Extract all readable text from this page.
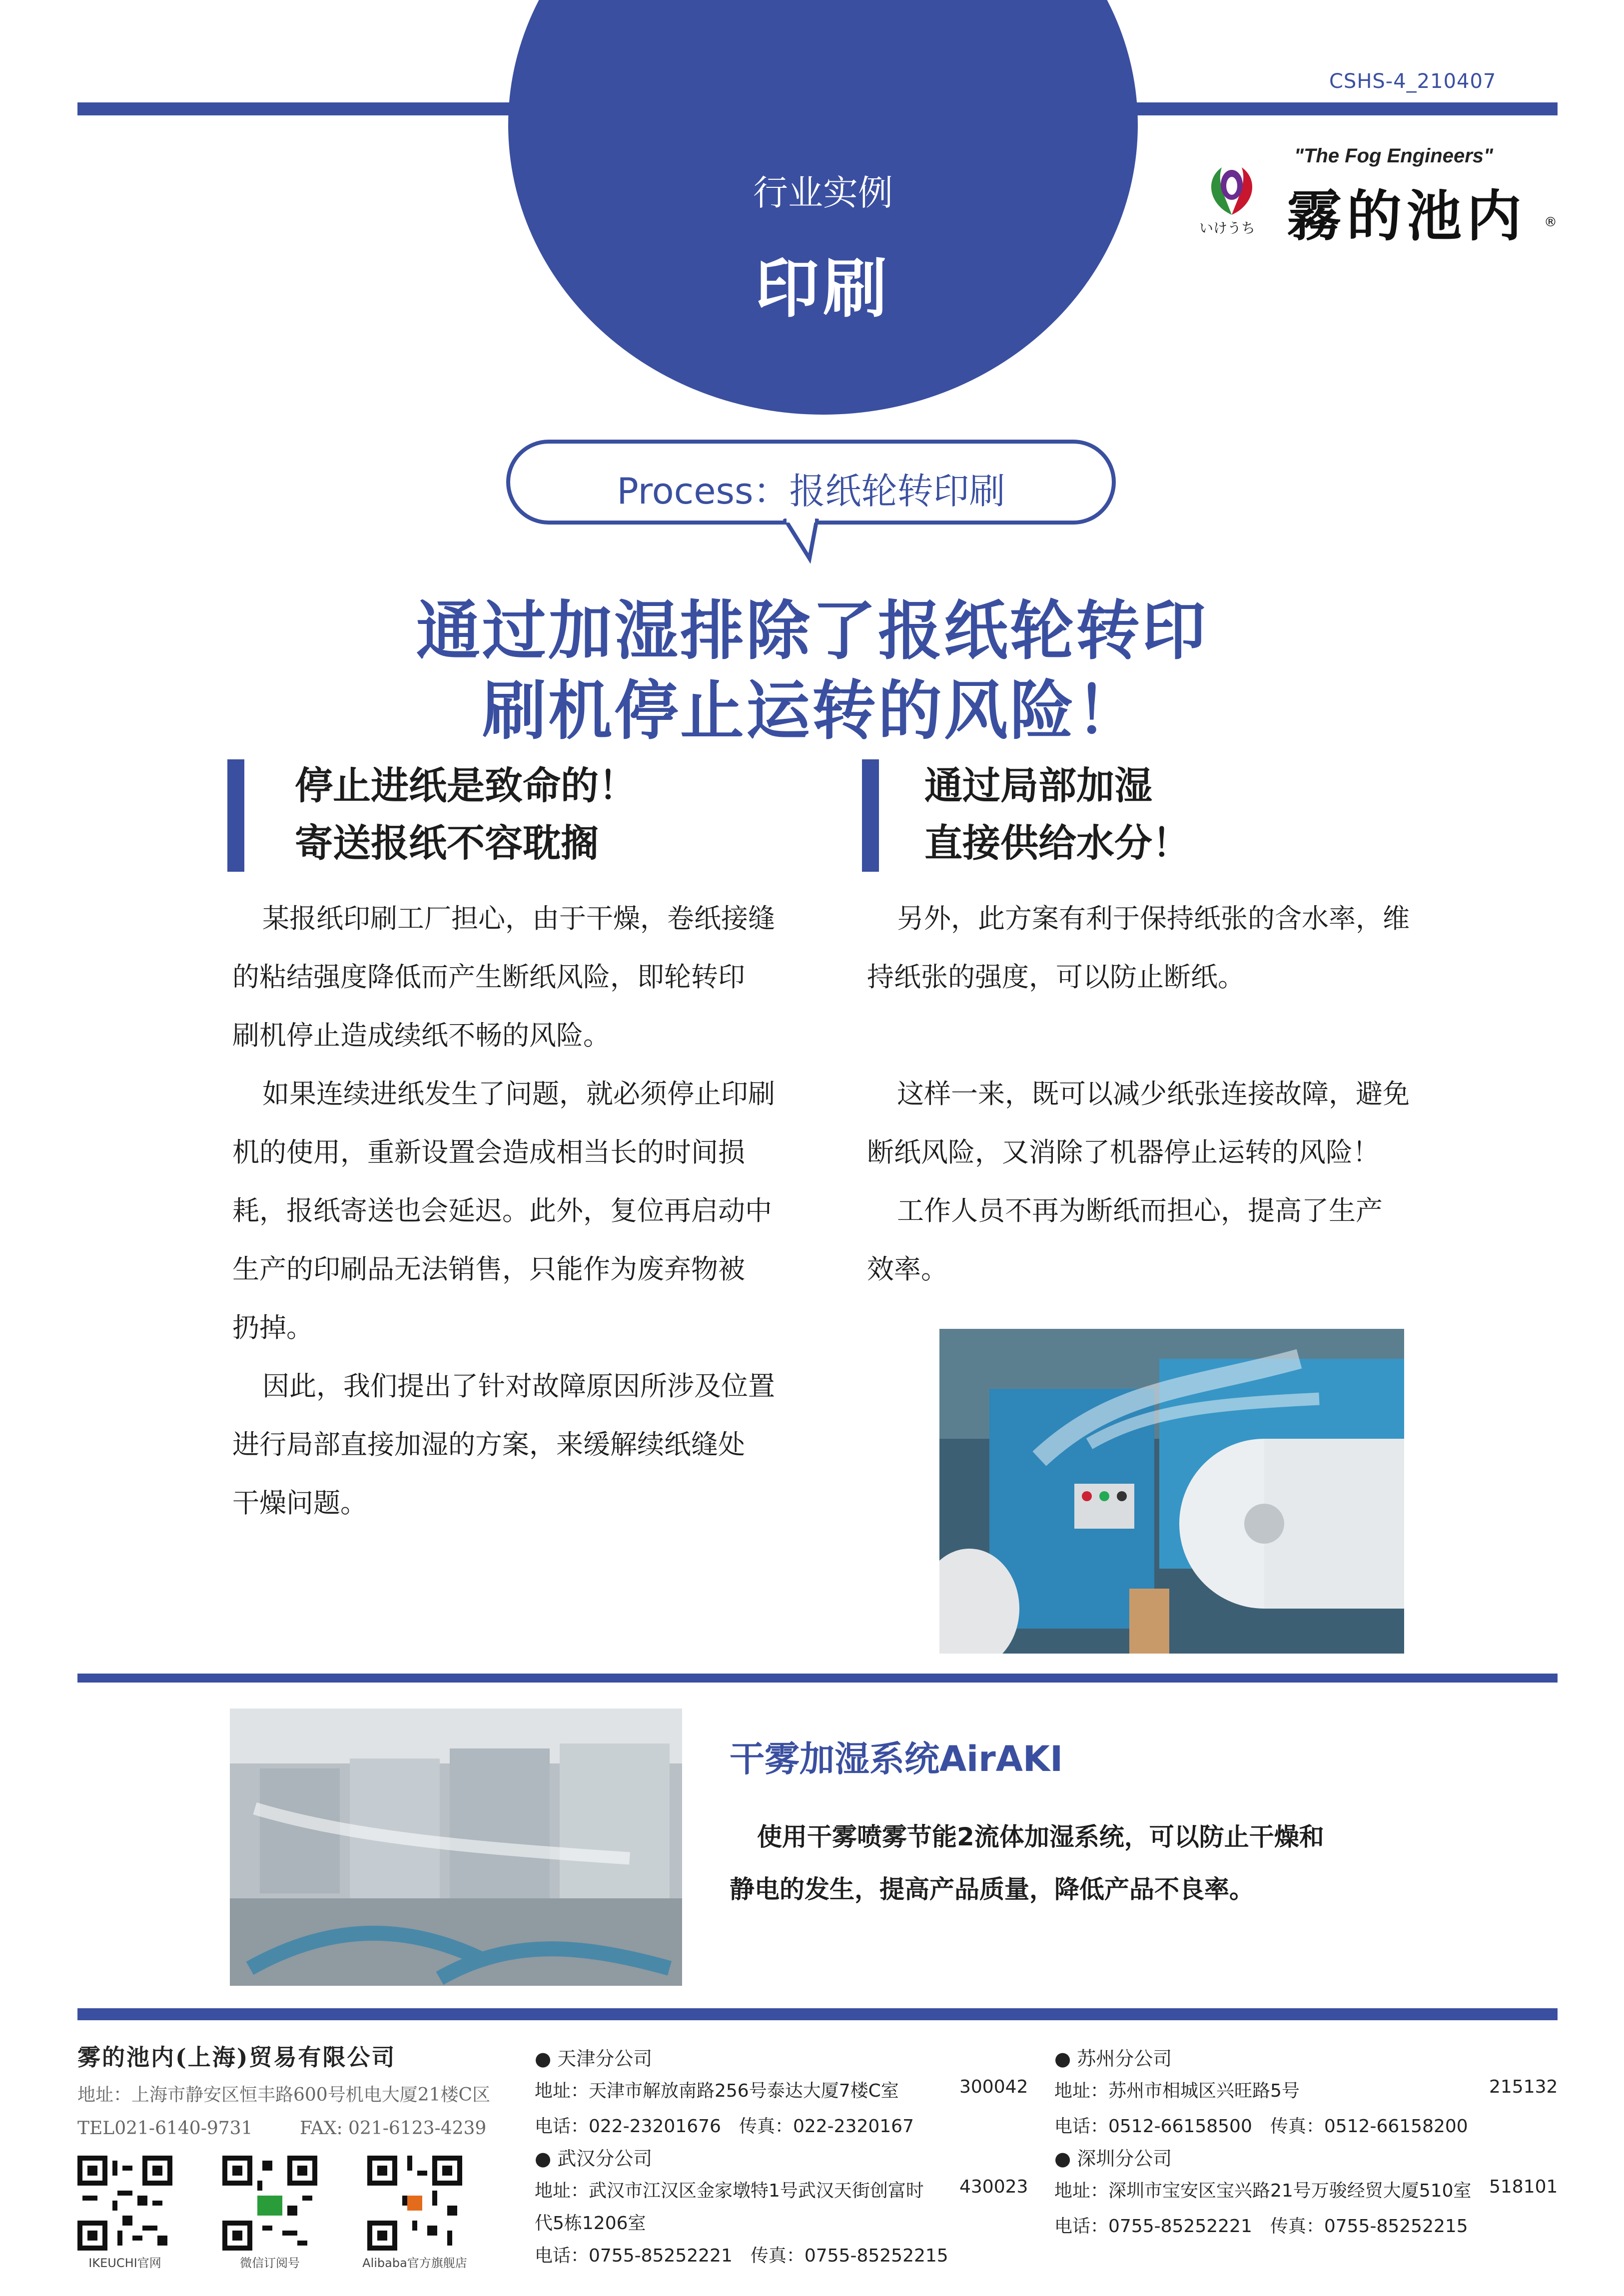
CSHS-4_210407
行业实例
印刷
いけうち
"The Fog Engineers"
霧的池内 ®
Process：报纸轮转印刷
通过加湿排除了报纸轮转印
刷机停止运转的风险！
停止进纸是致命的！
寄送报纸不容耽搁
某报纸印刷工厂担心，由于干燥，卷纸接缝
的粘结强度降低而产生断纸风险，即轮转印
刷机停止造成续纸不畅的风险。
如果连续进纸发生了问题，就必须停止印刷
机的使用，重新设置会造成相当长的时间损
耗，报纸寄送也会延迟。此外，复位再启动中
生产的印刷品无法销售，只能作为废弃物被
扔掉。
因此，我们提出了针对故障原因所涉及位置
进行局部直接加湿的方案，来缓解续纸缝处
干燥问题。
通过局部加湿
直接供给水分！
另外，此方案有利于保持纸张的含水率，维
持纸张的强度，可以防止断纸。
这样一来，既可以减少纸张连接故障，避免
断纸风险，又消除了机器停止运转的风险！
工作人员不再为断纸而担心，提高了生产
效率。
干雾加湿系统AirAKI
使用干雾喷雾节能2流体加湿系统，可以防止干燥和
静电的发生，提高产品质量，降低产品不良率。
雾的池内(上海)贸易有限公司
地址：上海市静安区恒丰路600号机电大厦21楼C区
TEL021-6140-9731	FAX: 021-6123-4239
IKEUCHI官网	微信订阅号	Alibaba官方旗舰店
● 天津分公司
地址：天津市解放南路256号泰达大厦7楼C室	300042
电话：022-23201676　传真：022-2320167
● 武汉分公司
地址：武汉市江汉区金家墩特1号武汉天街创富时 430023
代5栋1206室
电话：0755-85252221　传真：0755-85252215
● 苏州分公司
地址：苏州市相城区兴旺路5号	215132
电话：0512-66158500　传真：0512-66158200
● 深圳分公司
地址：深圳市宝安区宝兴路21号万骏经贸大厦510室 518101
电话：0755-85252221　传真：0755-85252215
